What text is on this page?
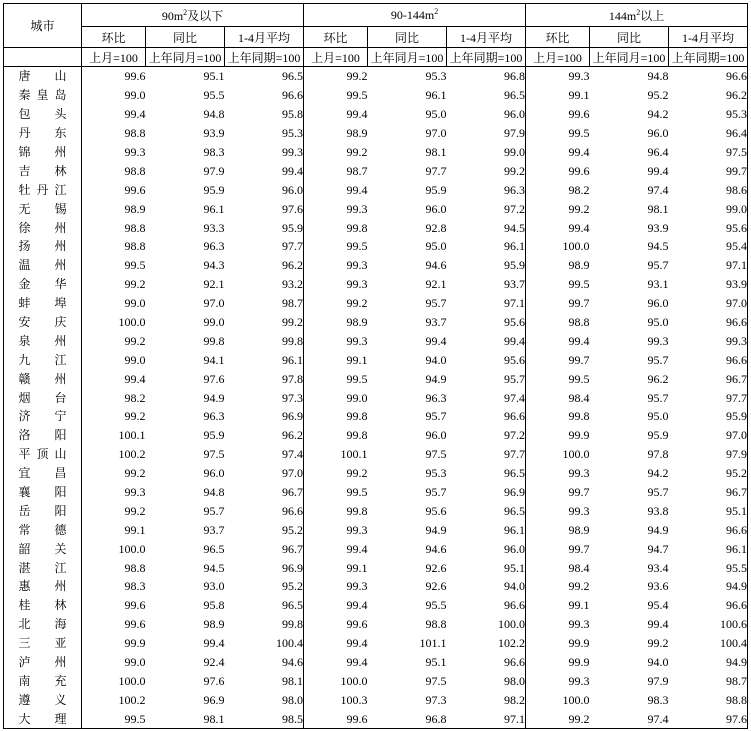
城市	$90m^2$及以下			$90-144m^2$			$144m^2$以上		
	环比	同比	1-4月平均	环比	同比	1-4月平均	环比	同比	1-4月平均
	上月=100	上年同月=100	上年同期=100	上月=100	上年同月=100	上年同期=100	上月=100	上年同月=100	上年同期=100
唐山	99.6	95.1	96.5	99.2	95.3	96.8	99.3	94.8	96.6
秦皇岛	99.0	95.5	96.6	99.5	96.1	96.5	99.1	95.2	96.2
包头	99.4	94.8	95.8	99.4	95.0	96.0	99.6	94.2	95.3
丹东	98.8	93.9	95.3	98.9	97.0	97.9	99.5	96.0	96.4
锦州	99.3	98.3	99.3	99.2	98.1	99.0	99.4	96.4	97.5
吉林	98.8	97.9	99.4	98.7	97.7	99.2	99.6	99.4	99.7
牡丹江	99.6	95.9	96.0	99.4	95.9	96.3	98.2	97.4	98.6
无锡	98.9	96.1	97.6	99.3	96.0	97.2	99.2	98.1	99.0
徐州	98.8	93.3	95.9	99.8	92.8	94.5	99.4	93.9	95.6
扬州	98.8	96.3	97.7	99.5	95.0	96.1	100.0	94.5	95.4
温州	99.5	94.3	96.2	99.3	94.6	95.9	98.9	95.7	97.1
金华	99.2	92.1	93.2	99.3	92.1	93.7	99.5	93.1	93.9
蚌埠	99.0	97.0	98.7	99.2	95.7	97.1	99.7	96.0	97.0
安庆	100.0	99.0	99.2	98.9	93.7	95.6	98.8	95.0	96.6
泉州	99.2	99.8	99.8	99.3	99.4	99.4	99.4	99.3	99.3
九江	99.0	94.1	96.1	99.1	94.0	95.6	99.7	95.7	96.6
赣州	99.4	97.6	97.8	99.5	94.9	95.7	99.5	96.2	96.7
烟台	98.2	94.9	97.3	99.0	96.3	97.4	98.4	95.7	97.7
济宁	99.2	96.3	96.9	99.8	95.7	96.6	99.8	95.0	95.9
洛阳	100.1	95.9	96.2	99.8	96.0	97.2	99.9	95.9	97.0
平顶山	100.2	97.5	97.4	100.1	97.5	97.7	100.0	97.8	97.9
宜昌	99.2	96.0	97.0	99.2	95.3	96.5	99.3	94.2	95.2
襄阳	99.3	94.8	96.7	99.5	95.7	96.9	99.7	95.7	96.7
岳阳	99.2	95.7	96.6	99.8	95.6	96.5	99.3	93.8	95.1
常德	99.1	93.7	95.2	99.3	94.9	96.1	98.9	94.9	96.6
韶关	100.0	96.5	96.7	99.4	94.6	96.0	99.7	94.7	96.1
湛江	98.8	94.5	96.9	99.1	92.6	95.1	98.4	93.4	95.5
惠州	98.3	93.0	95.2	99.3	92.6	94.0	99.2	93.6	94.9
桂林	99.6	95.8	96.5	99.4	95.5	96.6	99.1	95.4	96.6
北海	99.6	98.9	99.8	99.6	98.8	100.0	99.3	99.4	100.6
三亚	99.9	99.4	100.4	99.4	101.1	102.2	99.9	99.2	100.4
泸州	99.0	92.4	94.6	99.4	95.1	96.6	99.9	94.0	94.9
南充	100.0	97.6	98.1	100.0	97.5	98.0	99.3	97.9	98.7
遵义	100.2	96.9	98.0	100.3	97.3	98.2	100.0	98.3	98.8
大理	99.5	98.1	98.5	99.6	96.8	97.1	99.2	97.4	97.6
